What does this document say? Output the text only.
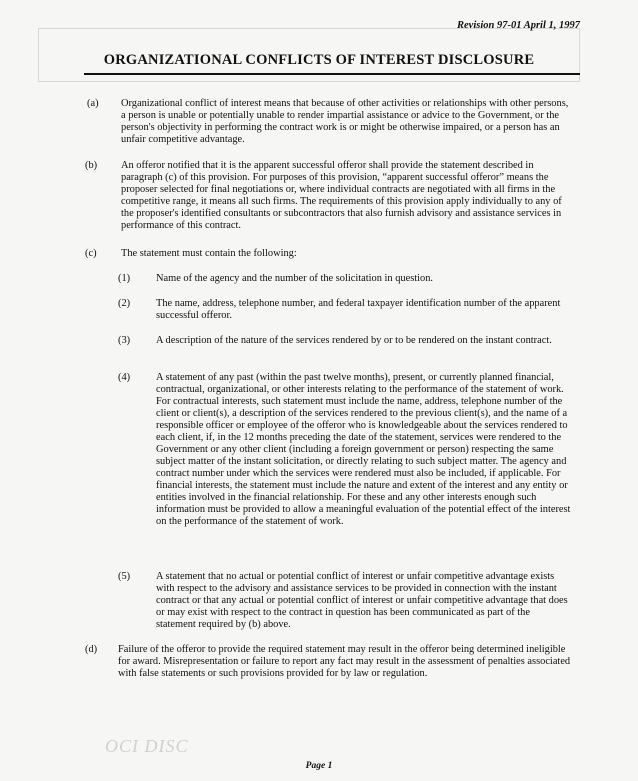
Revision 97-01 April 1, 1997
ORGANIZATIONAL CONFLICTS OF INTEREST DISCLOSURE
(a) Organizational conflict of interest means that because of other activities or relationships with other persons, a person is unable or potentially unable to render impartial assistance or advice to the Government, or the person's objectivity in performing the contract work is or might be otherwise impaired, or a person has an unfair competitive advantage.
(b) An offeror notified that it is the apparent successful offeror shall provide the statement described in paragraph (c) of this provision. For purposes of this provision, “apparent successful offeror” means the proposer selected for final negotiations or, where individual contracts are negotiated with all firms in the competitive range, it means all such firms. The requirements of this provision apply individually to any of the proposer's identified consultants or subcontractors that also furnish advisory and assistance services in performance of this contract.
(c) The statement must contain the following:
(1) Name of the agency and the number of the solicitation in question.
(2) The name, address, telephone number, and federal taxpayer identification number of the apparent successful offeror.
(3) A description of the nature of the services rendered by or to be rendered on the instant contract.
(4) A statement of any past (within the past twelve months), present, or currently planned financial, contractual, organizational, or other interests relating to the performance of the statement of work. For contractual interests, such statement must include the name, address, telephone number of the client or client(s), a description of the services rendered to the previous client(s), and the name of a responsible officer or employee of the offeror who is knowledgeable about the services rendered to each client, if, in the 12 months preceding the date of the statement, services were rendered to the Government or any other client (including a foreign government or person) respecting the same subject matter of the instant solicitation, or directly relating to such subject matter. The agency and contract number under which the services were rendered must also be included, if applicable. For financial interests, the statement must include the nature and extent of the interest and any entity or entities involved in the financial relationship. For these and any other interests enough such information must be provided to allow a meaningful evaluation of the potential effect of the interest on the performance of the statement of work.
(5) A statement that no actual or potential conflict of interest or unfair competitive advantage exists with respect to the advisory and assistance services to be provided in connection with the instant contract or that any actual or potential conflict of interest or unfair competitive advantage that does or may exist with respect to the contract in question has been communicated as part of the statement required by (b) above.
(d) Failure of the offeror to provide the required statement may result in the offeror being determined ineligible for award. Misrepresentation or failure to report any fact may result in the assessment of penalties associated with false statements or such provisions provided for by law or regulation.
OCI DISC
Page 1
